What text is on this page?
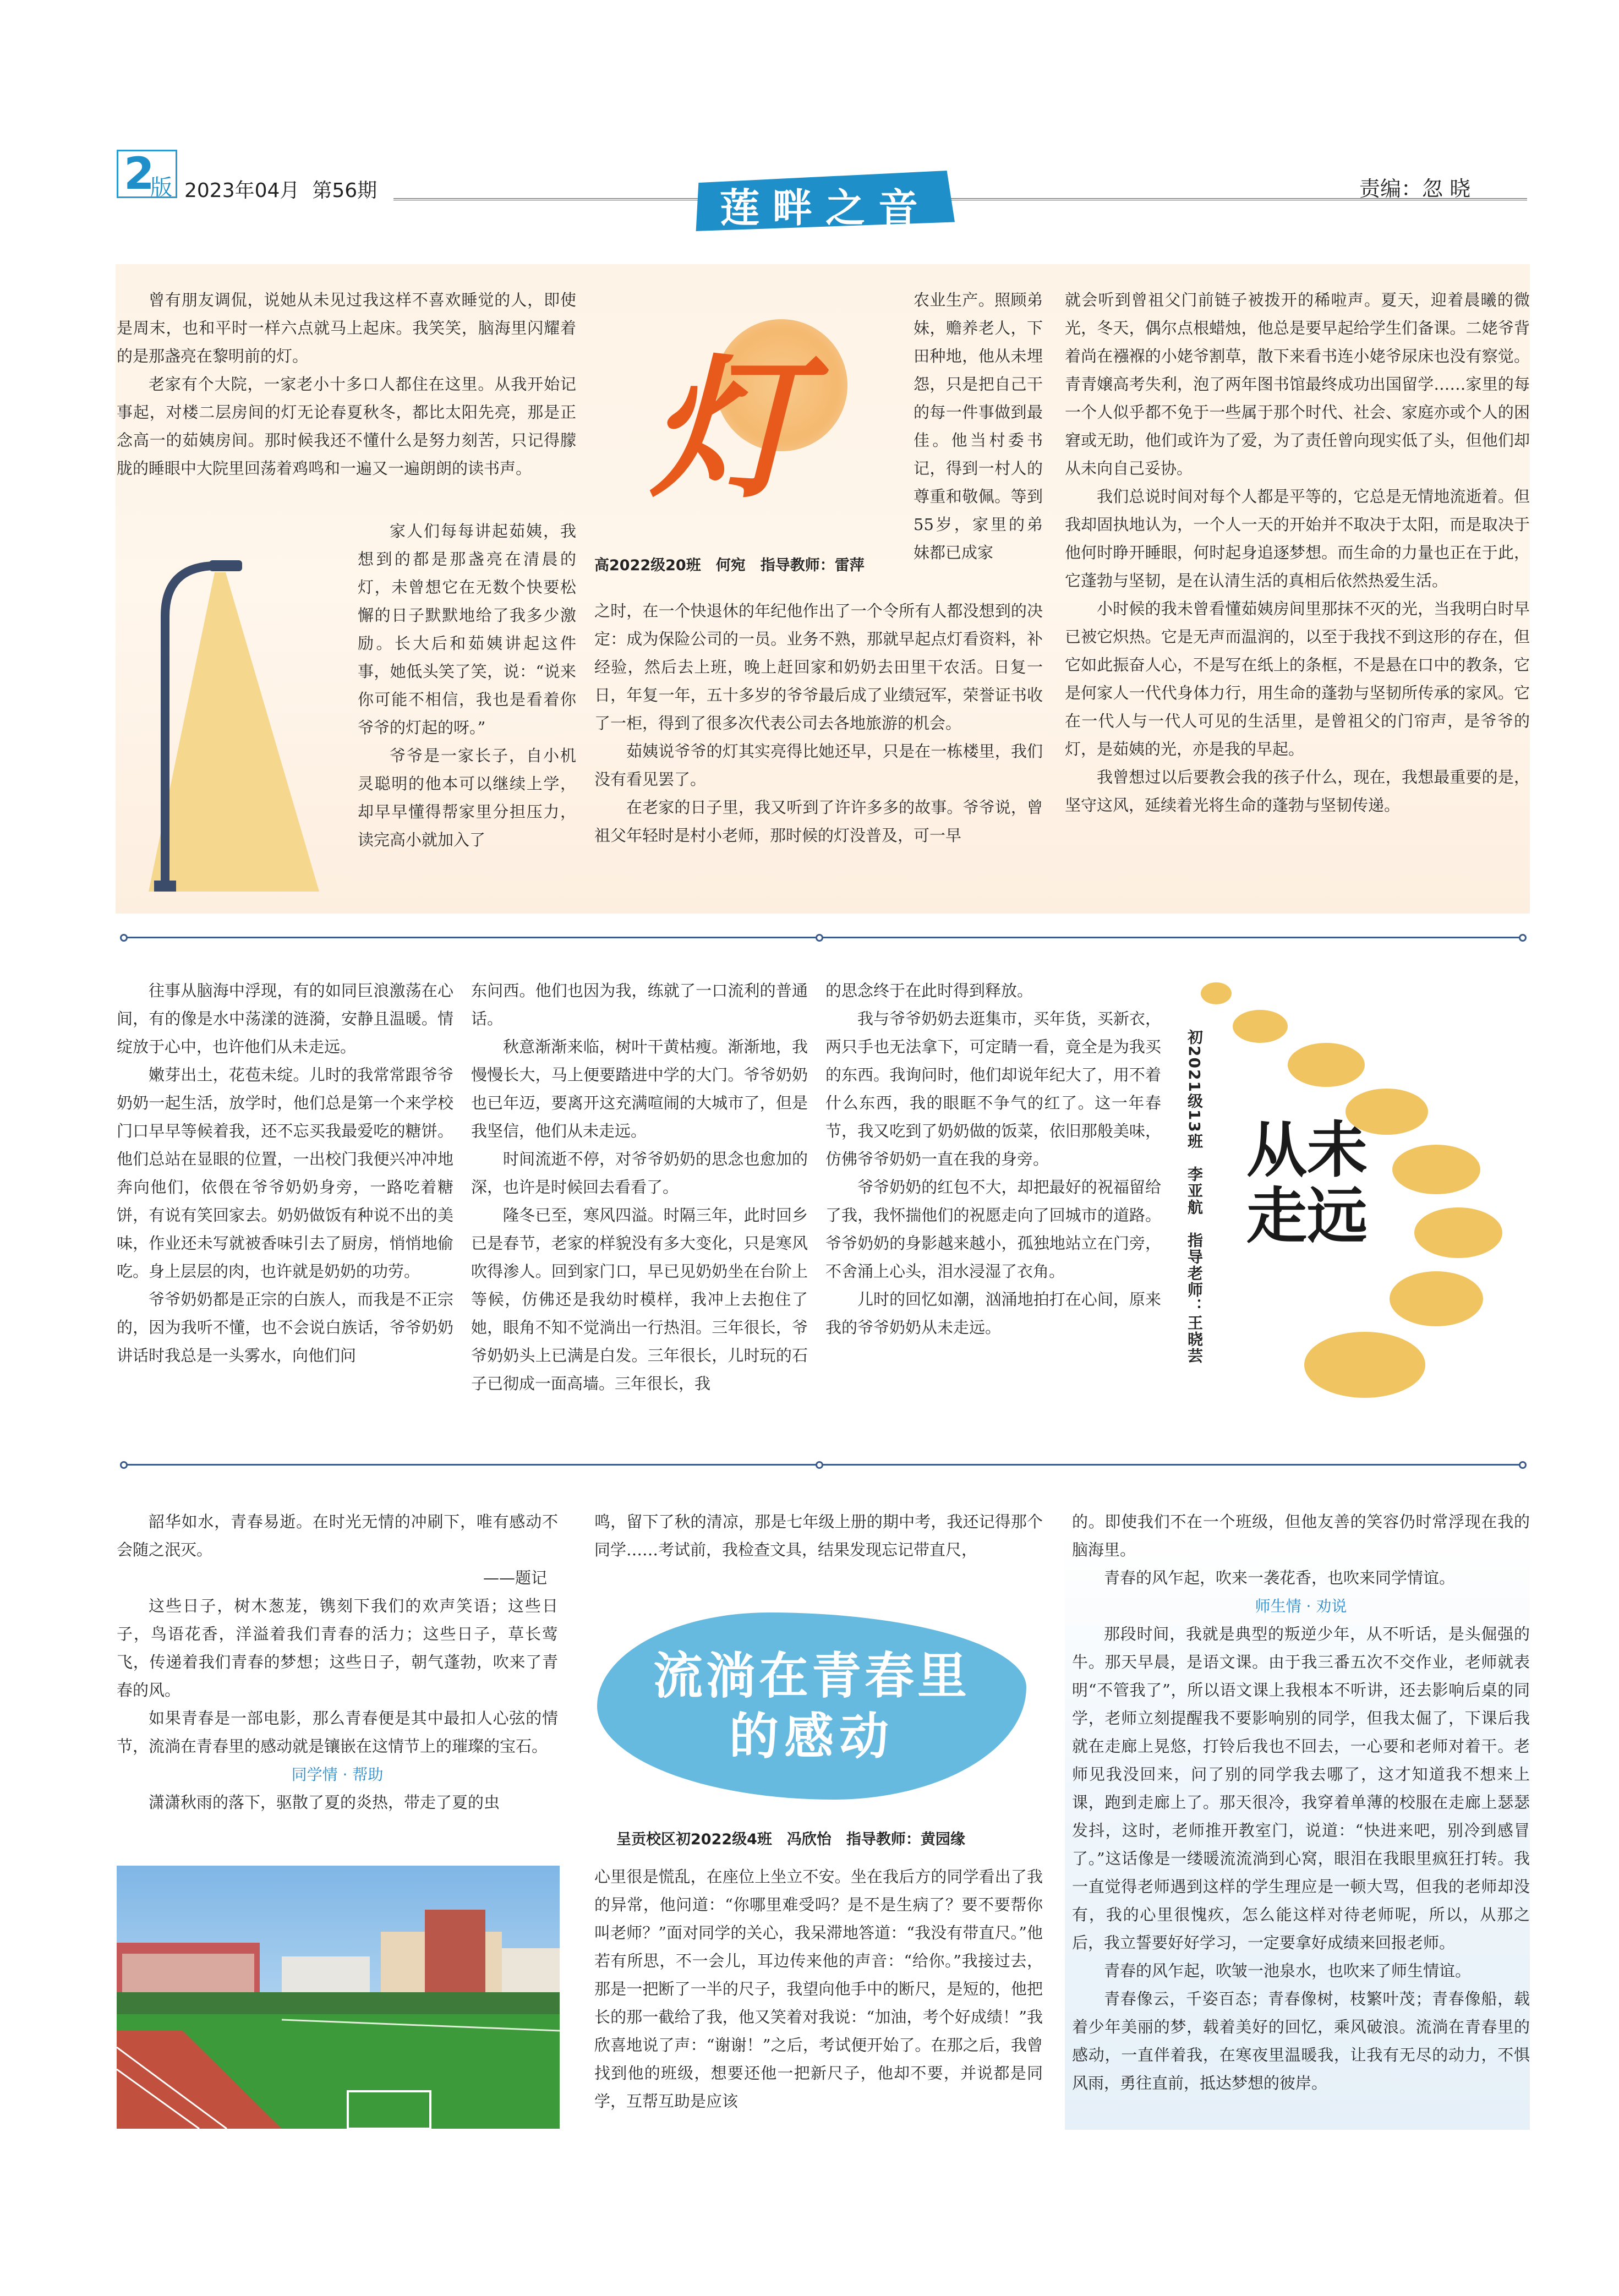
2
版 2023年04月 第56期	莲畔之音	责编：忽 晓
灯
高2022级20班　何宛　指导教师：雷萍

曾有朋友调侃，说她从未见过我这样不喜欢睡觉的人，即使是周末，也和平时一样六点就马上起床。我笑笑，脑海里闪耀着的是那盏亮在黎明前的灯。

老家有个大院，一家老小十多口人都住在这里。从我开始记事起，对楼二层房间的灯无论春夏秋冬，都比太阳先亮，那是正念高一的茹姨房间。那时候我还不懂什么是努力刻苦，只记得朦胧的睡眼中大院里回荡着鸡鸣和一遍又一遍朗朗的读书声。

家人们每每讲起茹姨，我想到的都是那盏亮在清晨的灯，未曾想它在无数个快要松懈的日子默默地给了我多少激励。长大后和茹姨讲起这件事，她低头笑了笑，说：“说来你可能不相信，我也是看着你爷爷的灯起的呀。”

爷爷是一家长子，自小机灵聪明的他本可以继续上学，却早早懂得帮家里分担压力，读完高小就加入了

农业生产。照顾弟妹，赡养老人，下田种地，他从未埋怨，只是把自己干的每一件事做到最佳。他当村委书记，得到一村人的尊重和敬佩。等到55岁，家里的弟妹都已成家

之时，在一个快退休的年纪他作出了一个令所有人都没想到的决定：成为保险公司的一员。业务不熟，那就早起点灯看资料，补经验，然后去上班，晚上赶回家和奶奶去田里干农活。日复一日，年复一年，五十多岁的爷爷最后成了业绩冠军，荣誉证书收了一柜，得到了很多次代表公司去各地旅游的机会。

茹姨说爷爷的灯其实亮得比她还早，只是在一栋楼里，我们没有看见罢了。

在老家的日子里，我又听到了许许多多的故事。爷爷说，曾祖父年轻时是村小老师，那时候的灯没普及，可一早

就会听到曾祖父门前链子被拨开的稀啦声。夏天，迎着晨曦的微光，冬天，偶尔点根蜡烛，他总是要早起给学生们备课。二姥爷背着尚在襁褓的小姥爷割草，散下来看书连小姥爷尿床也没有察觉。青青嬢高考失利，泡了两年图书馆最终成功出国留学……家里的每一个人似乎都不免于一些属于那个时代、社会、家庭亦或个人的困窘或无助，他们或许为了爱，为了责任曾向现实低了头，但他们却从未向自己妥协。

我们总说时间对每个人都是平等的，它总是无情地流逝着。但我却固执地认为，一个人一天的开始并不取决于太阳，而是取决于他何时睁开睡眼，何时起身追逐梦想。而生命的力量也正在于此，它蓬勃与坚韧，是在认清生活的真相后依然热爱生活。

小时候的我未曾看懂茹姨房间里那抹不灭的光，当我明白时早已被它炽热。它是无声而温润的，以至于我找不到这形的存在，但它如此振奋人心，不是写在纸上的条框，不是悬在口中的教条，它是何家人一代代身体力行，用生命的蓬勃与坚韧所传承的家风。它在一代人与一代人可见的生活里，是曾祖父的门帘声，是爷爷的灯，是茹姨的光，亦是我的早起。

我曾想过以后要教会我的孩子什么，现在，我想最重要的是，坚守这风，延续着光将生命的蓬勃与坚韧传递。

往事从脑海中浮现，有的如同巨浪激荡在心间，有的像是水中荡漾的涟漪，安静且温暖。情绽放于心中，也许他们从未走远。

嫩芽出土，花苞未绽。儿时的我常常跟爷爷奶奶一起生活，放学时，他们总是第一个来学校门口早早等候着我，还不忘买我最爱吃的糖饼。他们总站在显眼的位置，一出校门我便兴冲冲地奔向他们，依偎在爷爷奶奶身旁，一路吃着糖饼，有说有笑回家去。奶奶做饭有种说不出的美味，作业还未写就被香味引去了厨房，悄悄地偷吃。身上层层的肉，也许就是奶奶的功劳。

爷爷奶奶都是正宗的白族人，而我是不正宗的，因为我听不懂，也不会说白族话，爷爷奶奶讲话时我总是一头雾水，向他们问

东问西。他们也因为我，练就了一口流利的普通话。

秋意渐渐来临，树叶干黄枯瘦。渐渐地，我慢慢长大，马上便要踏进中学的大门。爷爷奶奶也已年迈，要离开这充满喧闹的大城市了，但是我坚信，他们从未走远。

时间流逝不停，对爷爷奶奶的思念也愈加的深，也许是时候回去看看了。

隆冬已至，寒风四溢。时隔三年，此时回乡已是春节，老家的样貌没有多大变化，只是寒风吹得渗人。回到家门口，早已见奶奶坐在台阶上等候，仿佛还是我幼时模样，我冲上去抱住了她，眼角不知不觉淌出一行热泪。三年很长，爷爷奶奶头上已满是白发。三年很长，儿时玩的石子已彻成一面高墙。三年很长，我

的思念终于在此时得到释放。

我与爷爷奶奶去逛集市，买年货，买新衣，两只手也无法拿下，可定睛一看，竟全是为我买的东西。我询问时，他们却说年纪大了，用不着什么东西，我的眼眶不争气的红了。这一年春节，我又吃到了奶奶做的饭菜，依旧那般美味，仿佛爷爷奶奶一直在我的身旁。

爷爷奶奶的红包不大，却把最好的祝福留给了我，我怀揣他们的祝愿走向了回城市的道路。爷爷奶奶的身影越来越小，孤独地站立在门旁，不舍涌上心头，泪水浸湿了衣角。

儿时的回忆如潮，汹涌地拍打在心间，原来我的爷爷奶奶从未走远。	初2021级13班　李亚航　指导老师：王晓芸 从未走远

韶华如水，青春易逝。在时光无情的冲刷下，唯有感动不会随之泯灭。

——题记

这些日子，树木葱茏，镌刻下我们的欢声笑语；这些日子，鸟语花香，洋溢着我们青春的活力；这些日子，草长莺飞，传递着我们青春的梦想；这些日子，朝气蓬勃，吹来了青春的风。

如果青春是一部电影，那么青春便是其中最扣人心弦的情节，流淌在青春里的感动就是镶嵌在这情节上的璀璨的宝石。

同学情 · 帮助

潇潇秋雨的落下，驱散了夏的炎热，带走了夏的虫

流淌在青春里
的感动
呈贡校区初2022级4班　冯欣怡　指导教师：黄园缘

鸣，留下了秋的清凉，那是七年级上册的期中考，我还记得那个同学……考试前，我检查文具，结果发现忘记带直尺，

心里很是慌乱，在座位上坐立不安。坐在我后方的同学看出了我的异常，他问道：“你哪里难受吗？是不是生病了？要不要帮你叫老师？”面对同学的关心，我呆滞地答道：“我没有带直尺。”他若有所思，不一会儿，耳边传来他的声音：“给你。”我接过去，那是一把断了一半的尺子，我望向他手中的断尺，是短的，他把长的那一截给了我，他又笑着对我说：“加油，考个好成绩！”我欣喜地说了声：“谢谢！”之后，考试便开始了。在那之后，我曾找到他的班级，想要还他一把新尺子，他却不要，并说都是同学，互帮互助是应该

的。即使我们不在一个班级，但他友善的笑容仍时常浮现在我的脑海里。

青春的风乍起，吹来一袭花香，也吹来同学情谊。

师生情 · 劝说

那段时间，我就是典型的叛逆少年，从不听话，是头倔强的牛。那天早晨，是语文课。由于我三番五次不交作业，老师就表明“不管我了”，所以语文课上我根本不听讲，还去影响后桌的同学，老师立刻提醒我不要影响别的同学，但我太倔了，下课后我就在走廊上晃悠，打铃后我也不回去，一心要和老师对着干。老师见我没回来，问了别的同学我去哪了，这才知道我不想来上课，跑到走廊上了。那天很冷，我穿着单薄的校服在走廊上瑟瑟发抖，这时，老师推开教室门，说道：“快进来吧，别冷到感冒了。”这话像是一缕暖流流淌到心窝，眼泪在我眼里疯狂打转。我一直觉得老师遇到这样的学生理应是一顿大骂，但我的老师却没有，我的心里很愧疚，怎么能这样对待老师呢，所以，从那之后，我立誓要好好学习，一定要拿好成绩来回报老师。

青春的风乍起，吹皱一池泉水，也吹来了师生情谊。

青春像云，千姿百态；青春像树，枝繁叶茂；青春像船，载着少年美丽的梦，载着美好的回忆，乘风破浪。流淌在青春里的感动，一直伴着我，在寒夜里温暖我，让我有无尽的动力，不惧风雨，勇往直前，抵达梦想的彼岸。
